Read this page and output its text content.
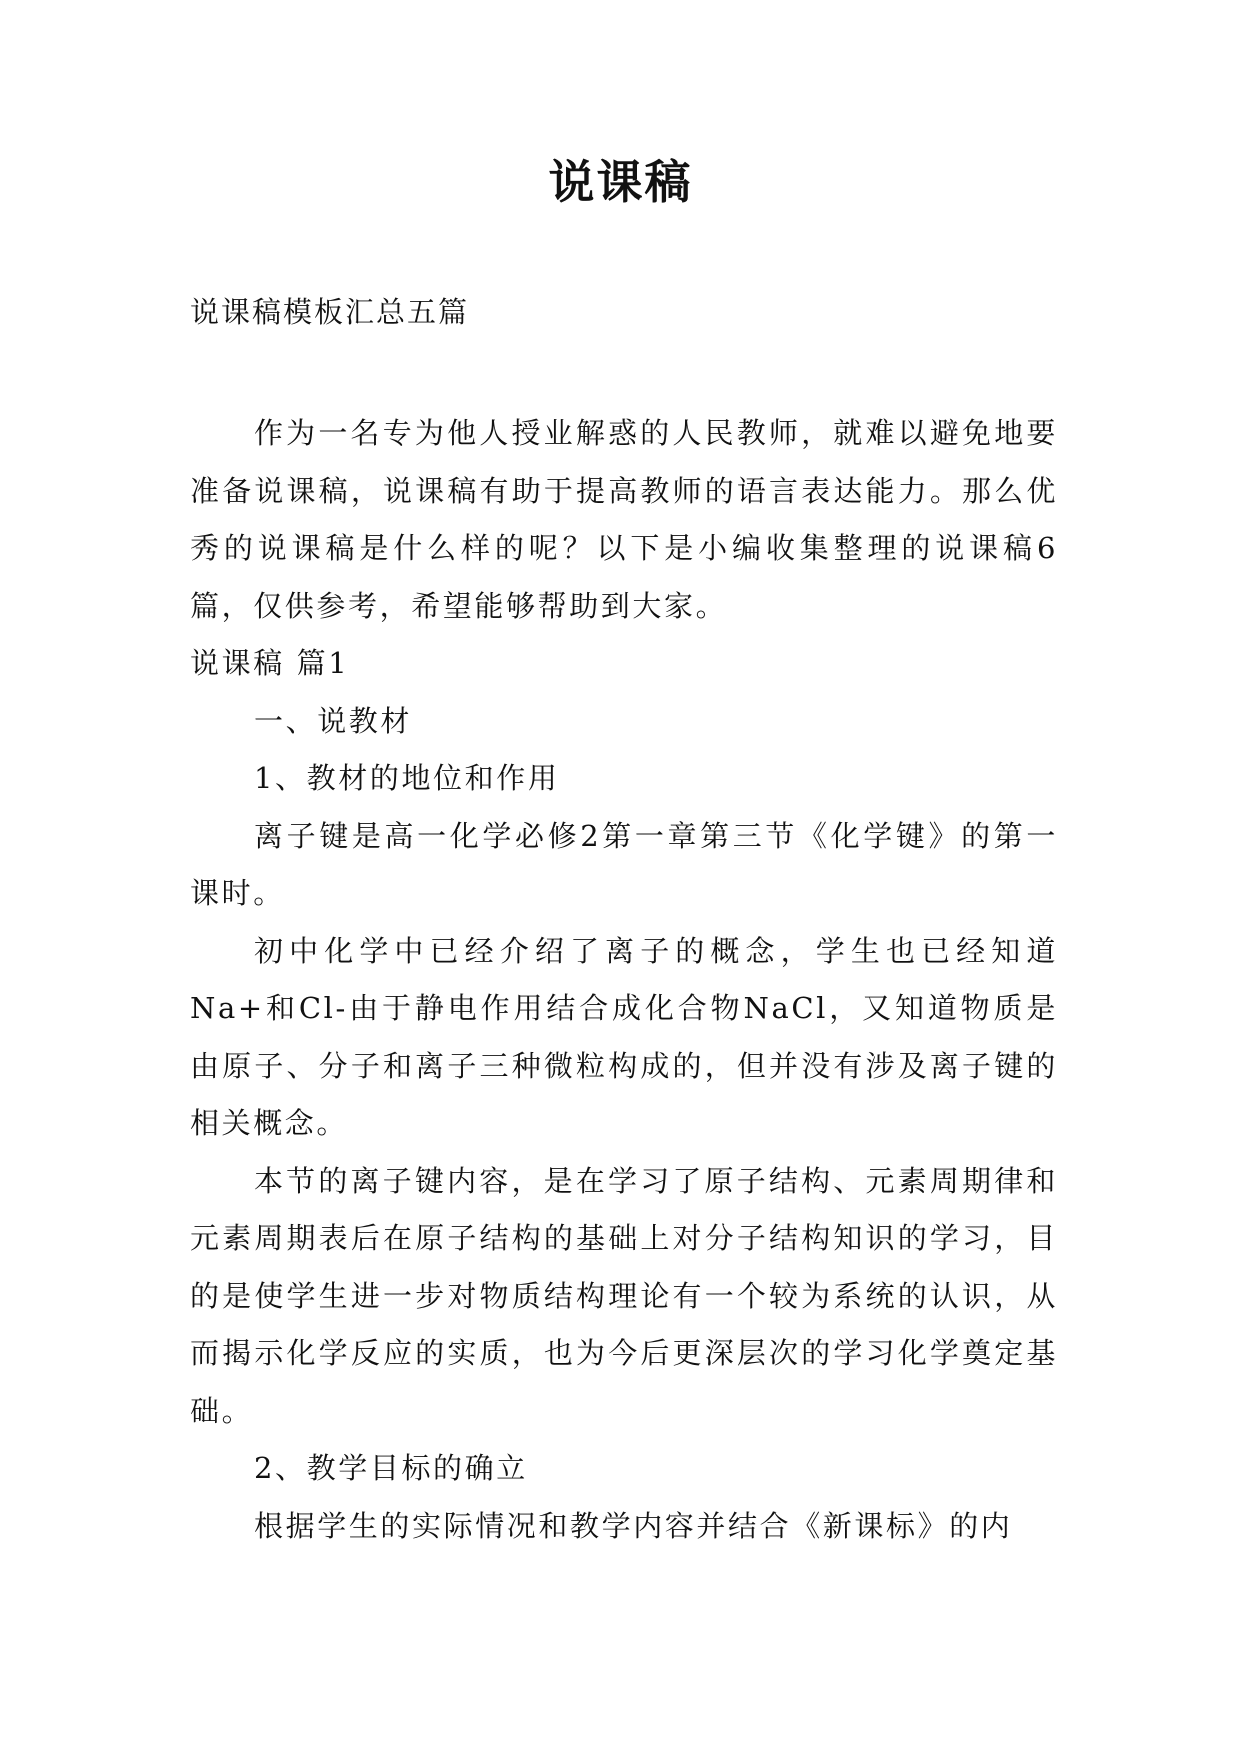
说课稿
说课稿模板汇总五篇

作为一名专为他人授业解惑的人民教师，就难以避免地要准备说课稿，说课稿有助于提高教师的语言表达能力。那么优秀的说课稿是什么样的呢？以下是小编收集整理的说课稿6篇，仅供参考，希望能够帮助到大家。

说课稿 篇1

一、说教材

1、教材的地位和作用

离子键是高一化学必修2第一章第三节《化学键》的第一课时。

初中化学中已经介绍了离子的概念，学生也已经知道Na+和Cl-由于静电作用结合成化合物NaCl，又知道物质是由原子、分子和离子三种微粒构成的，但并没有涉及离子键的相关概念。

本节的离子键内容，是在学习了原子结构、元素周期律和元素周期表后在原子结构的基础上对分子结构知识的学习，目的是使学生进一步对物质结构理论有一个较为系统的认识，从而揭示化学反应的实质，也为今后更深层次的学习化学奠定基础。

2、教学目标的确立

根据学生的实际情况和教学内容并结合《新课标》的内
